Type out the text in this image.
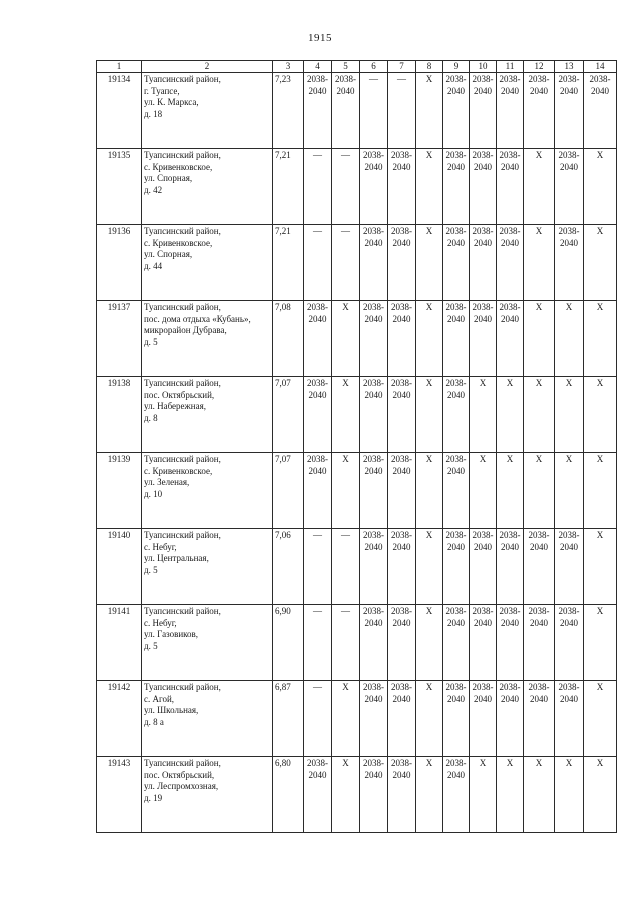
1915
1	2	3	4	5	6	7	8	9	10	11	12	13	14
19134	Туапсинский район,
г. Туапсе,
ул. К. Маркса,
д. 18	7,23	2038-
2040	2038-
2040	—	—	Х	2038-
2040	2038-
2040	2038-
2040	2038-
2040	2038-
2040	2038-
2040
19135	Туапсинский район,
с. Кривенковское,
ул. Спорная,
д. 42	7,21	—	—	2038-
2040	2038-
2040	Х	2038-
2040	2038-
2040	2038-
2040	Х	2038-
2040	Х
19136	Туапсинский район,
с. Кривенковское,
ул. Спорная,
д. 44	7,21	—	—	2038-
2040	2038-
2040	Х	2038-
2040	2038-
2040	2038-
2040	Х	2038-
2040	Х
19137	Туапсинский район,
пос. дома отдыха «Кубань»,
микрорайон Дубрава,
д. 5	7,08	2038-
2040	Х	2038-
2040	2038-
2040	Х	2038-
2040	2038-
2040	2038-
2040	Х	Х	Х
19138	Туапсинский район,
пос. Октябрьский,
ул. Набережная,
д. 8	7,07	2038-
2040	Х	2038-
2040	2038-
2040	Х	2038-
2040	Х	Х	Х	Х	Х
19139	Туапсинский район,
с. Кривенковское,
ул. Зеленая,
д. 10	7,07	2038-
2040	Х	2038-
2040	2038-
2040	Х	2038-
2040	Х	Х	Х	Х	Х
19140	Туапсинский район,
с. Небуг,
ул. Центральная,
д. 5	7,06	—	—	2038-
2040	2038-
2040	Х	2038-
2040	2038-
2040	2038-
2040	2038-
2040	2038-
2040	Х
19141	Туапсинский район,
с. Небуг,
ул. Газовиков,
д. 5	6,90	—	—	2038-
2040	2038-
2040	Х	2038-
2040	2038-
2040	2038-
2040	2038-
2040	2038-
2040	Х
19142	Туапсинский район,
с. Агой,
ул. Школьная,
д. 8 а	6,87	—	Х	2038-
2040	2038-
2040	Х	2038-
2040	2038-
2040	2038-
2040	2038-
2040	2038-
2040	Х
19143	Туапсинский район,
пос. Октябрьский,
ул. Леспромхозная,
д. 19	6,80	2038-
2040	Х	2038-
2040	2038-
2040	Х	2038-
2040	Х	Х	Х	Х	Х
